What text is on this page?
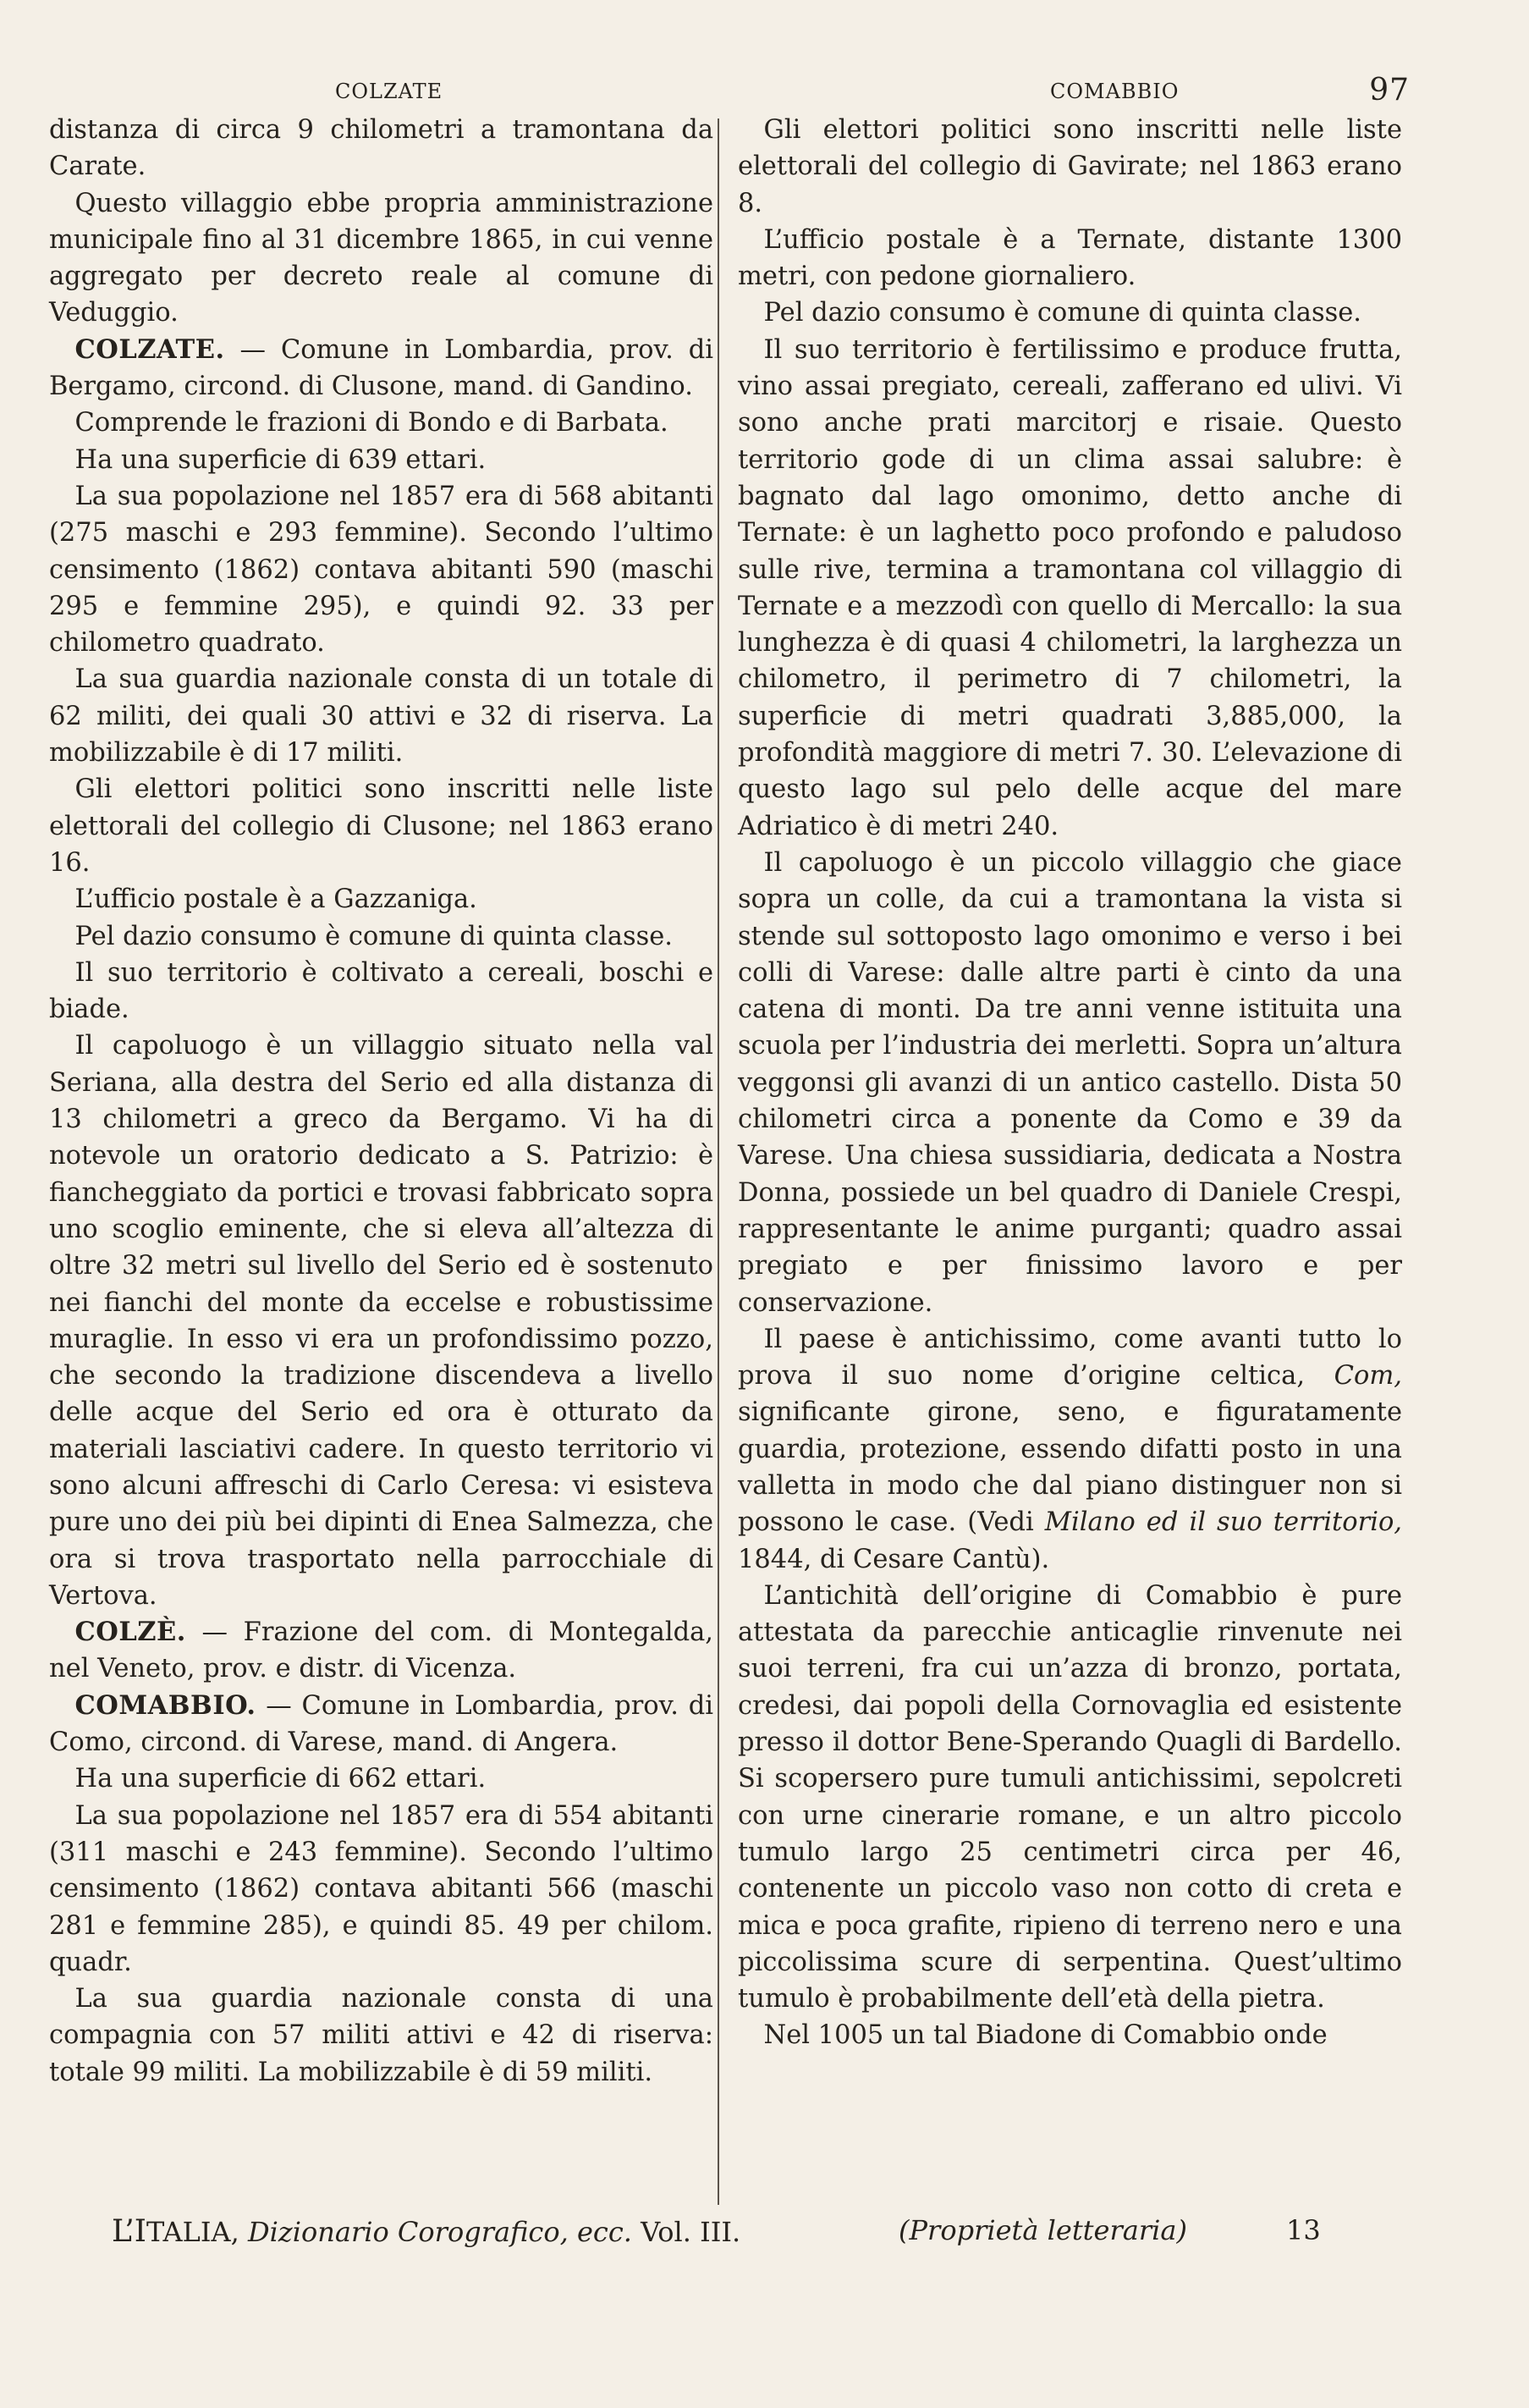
COLZATE	COMABBIO	97

distanza di circa 9 chilometri a tramontana da Carate.

Questo villaggio ebbe propria amministrazione municipale fino al 31 dicembre 1865, in cui venne aggregato per decreto reale al comune di Veduggio.

COLZATE. — Comune in Lombardia, prov. di Bergamo, circond. di Clusone, mand. di Gandino.

Comprende le frazioni di Bondo e di Barbata.

Ha una superficie di 639 ettari.

La sua popolazione nel 1857 era di 568 abitanti (275 maschi e 293 femmine). Secondo l’ultimo censimento (1862) contava abitanti 590 (maschi 295 e femmine 295), e quindi 92. 33 per chilometro quadrato.

La sua guardia nazionale consta di un totale di 62 militi, dei quali 30 attivi e 32 di riserva. La mobilizzabile è di 17 militi.

Gli elettori politici sono inscritti nelle liste elettorali del collegio di Clusone; nel 1863 erano 16.

L’ufficio postale è a Gazzaniga.

Pel dazio consumo è comune di quinta classe.

Il suo territorio è coltivato a cereali, boschi e biade.

Il capoluogo è un villaggio situato nella val Seriana, alla destra del Serio ed alla distanza di 13 chilometri a greco da Bergamo. Vi ha di notevole un oratorio dedicato a S. Patrizio: è fiancheggiato da portici e trovasi fabbricato sopra uno scoglio eminente, che si eleva all’altezza di oltre 32 metri sul livello del Serio ed è sostenuto nei fianchi del monte da eccelse e robustissime muraglie. In esso vi era un profondissimo pozzo, che secondo la tradizione discendeva a livello delle acque del Serio ed ora è otturato da materiali lasciativi cadere. In questo territorio vi sono alcuni affreschi di Carlo Ceresa: vi esisteva pure uno dei più bei dipinti di Enea Salmezza, che ora si trova trasportato nella parrocchiale di Vertova.

COLZÈ. — Frazione del com. di Montegalda, nel Veneto, prov. e distr. di Vicenza.

COMABBIO. — Comune in Lombardia, prov. di Como, circond. di Varese, mand. di Angera.

Ha una superficie di 662 ettari.

La sua popolazione nel 1857 era di 554 abitanti (311 maschi e 243 femmine). Secondo l’ultimo censimento (1862) contava abitanti 566 (maschi 281 e femmine 285), e quindi 85. 49 per chilom. quadr.

La sua guardia nazionale consta di una compagnia con 57 militi attivi e 42 di riserva: totale 99 militi. La mobilizzabile è di 59 militi.

Gli elettori politici sono inscritti nelle liste elettorali del collegio di Gavirate; nel 1863 erano 8.

L’ufficio postale è a Ternate, distante 1300 metri, con pedone giornaliero.

Pel dazio consumo è comune di quinta classe.

Il suo territorio è fertilissimo e produce frutta, vino assai pregiato, cereali, zafferano ed ulivi. Vi sono anche prati marcitorj e risaie. Questo territorio gode di un clima assai salubre: è bagnato dal lago omonimo, detto anche di Ternate: è un laghetto poco profondo e paludoso sulle rive, termina a tramontana col villaggio di Ternate e a mezzodì con quello di Mercallo: la sua lunghezza è di quasi 4 chilometri, la larghezza un chilometro, il perimetro di 7 chilometri, la superficie di metri quadrati 3,885,000, la profondità maggiore di metri 7. 30. L’elevazione di questo lago sul pelo delle acque del mare Adriatico è di metri 240.

Il capoluogo è un piccolo villaggio che giace sopra un colle, da cui a tramontana la vista si stende sul sottoposto lago omonimo e verso i bei colli di Varese: dalle altre parti è cinto da una catena di monti. Da tre anni venne istituita una scuola per l’industria dei merletti. Sopra un’altura veggonsi gli avanzi di un antico castello. Dista 50 chilometri circa a ponente da Como e 39 da Varese. Una chiesa sussidiaria, dedicata a Nostra Donna, possiede un bel quadro di Daniele Crespi, rappresentante le anime purganti; quadro assai pregiato e per finissimo lavoro e per conservazione.

Il paese è antichissimo, come avanti tutto lo prova il suo nome d’origine celtica, Com, significante girone, seno, e figuratamente guardia, protezione, essendo difatti posto in una valletta in modo che dal piano distinguer non si possono le case. (Vedi Milano ed il suo territorio, 1844, di Cesare Cantù).

L’antichità dell’origine di Comabbio è pure attestata da parecchie anticaglie rinvenute nei suoi terreni, fra cui un’azza di bronzo, portata, credesi, dai popoli della Cornovaglia ed esistente presso il dottor Bene-Sperando Quagli di Bardello. Si scopersero pure tumuli antichissimi, sepolcreti con urne cinerarie romane, e un altro piccolo tumulo largo 25 centimetri circa per 46, contenente un piccolo vaso non cotto di creta e mica e poca grafite, ripieno di terreno nero e una piccolissima scure di serpentina. Quest’ultimo tumulo è probabilmente dell’età della pietra.

Nel 1005 un tal Biadone di Comabbio onde

L’ITALIA, Dizionario Corografico, ecc. Vol. III.	(Proprietà letteraria)	13
